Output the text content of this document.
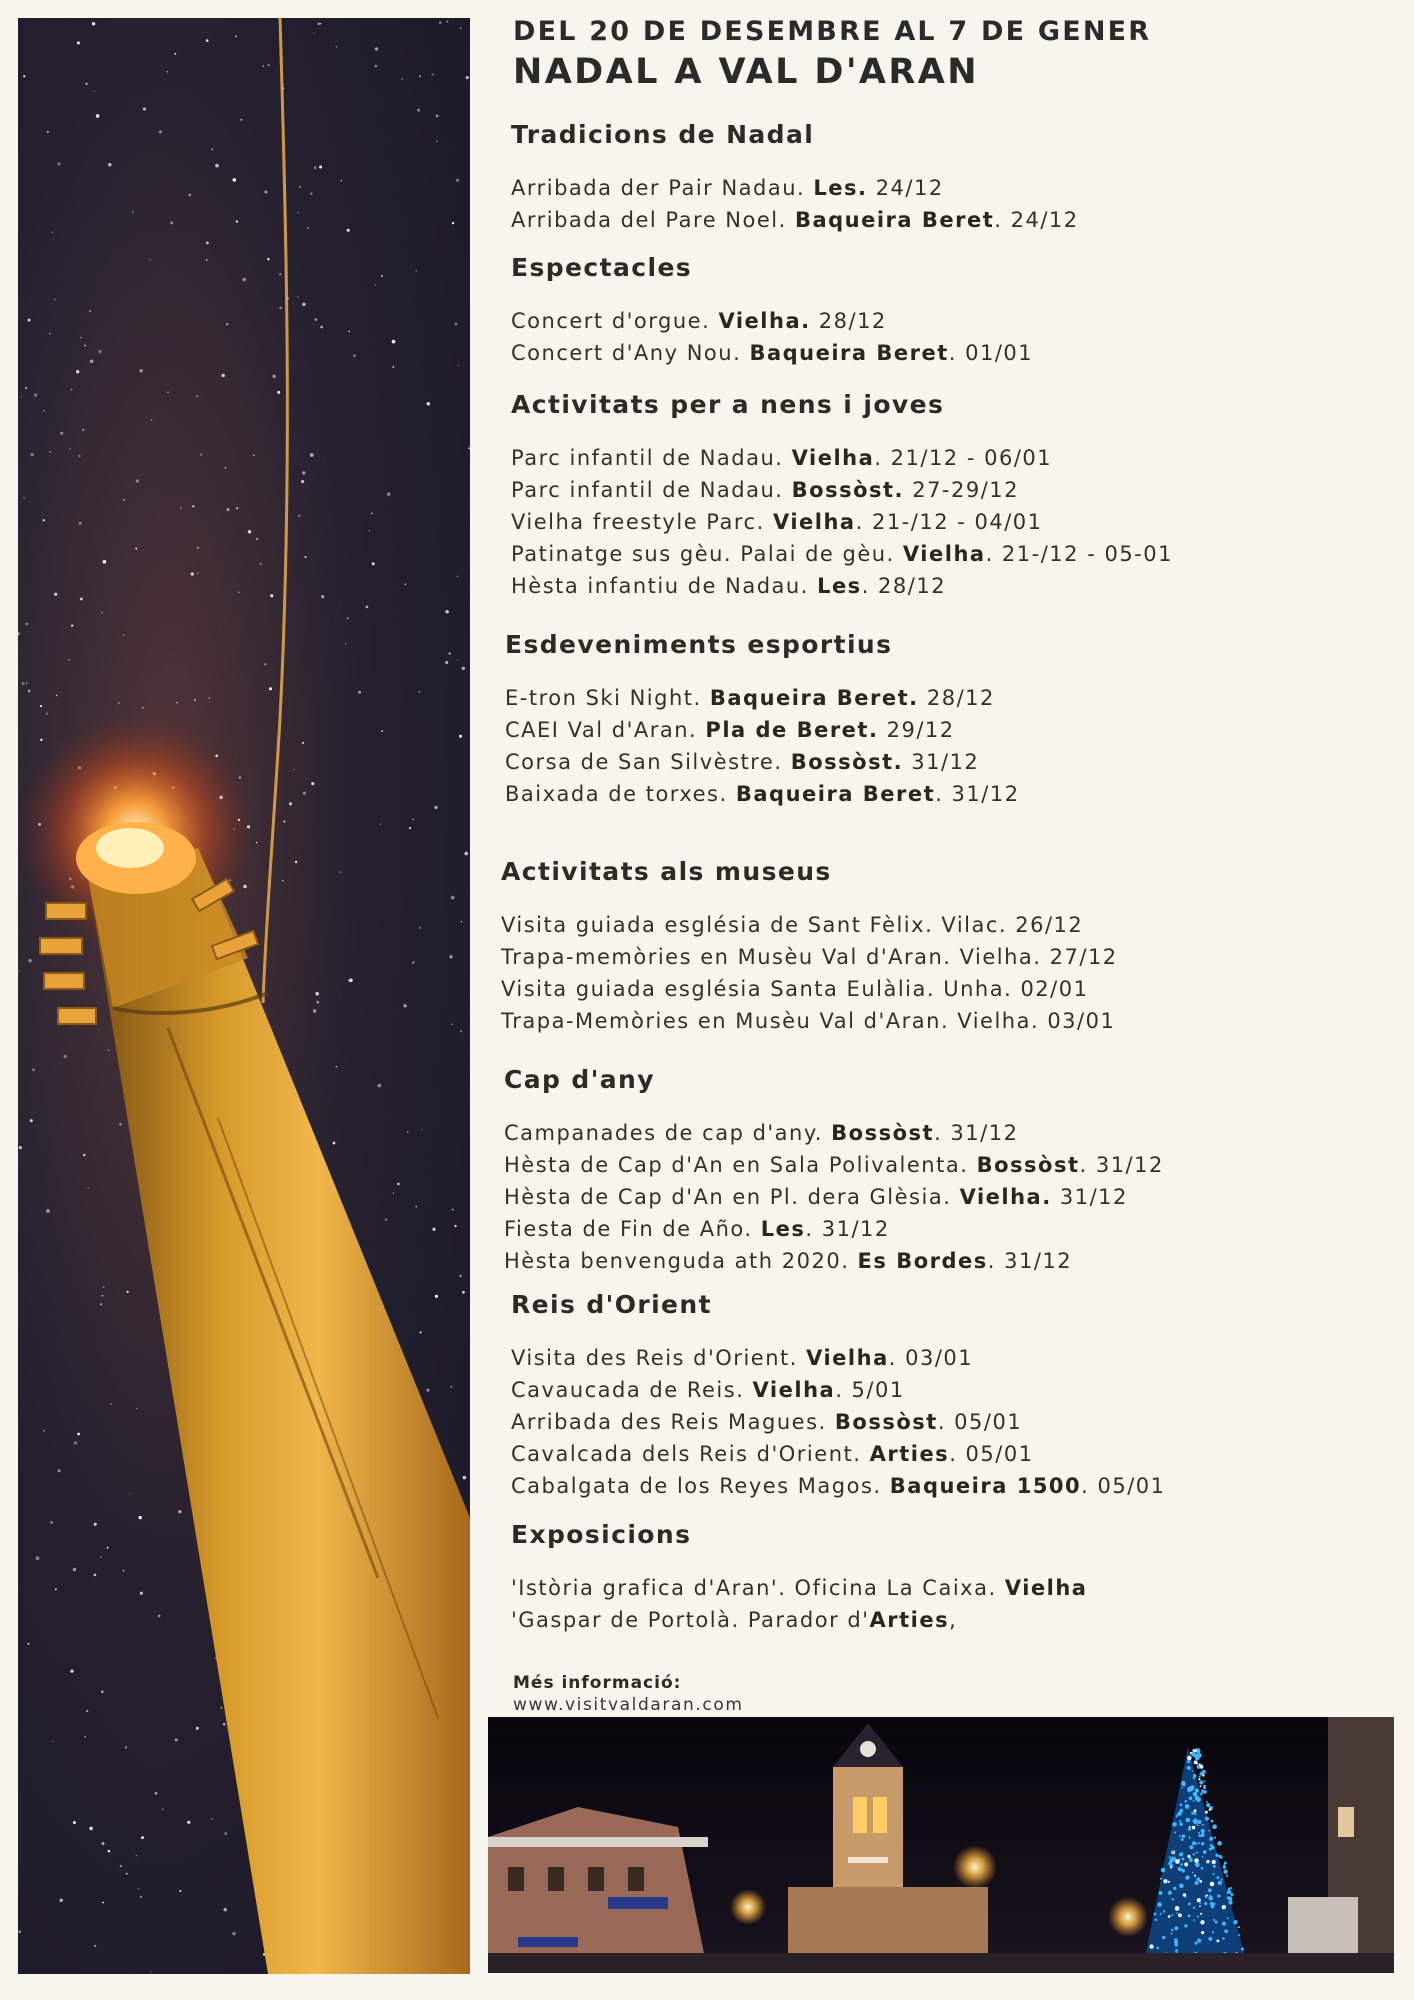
DEL 20 DE DESEMBRE AL 7 DE GENER
NADAL A VAL D'ARAN
Tradicions de Nadal
Arribada der Pair Nadau. Les. 24/12
Arribada del Pare Noel. Baqueira Beret. 24/12
Espectacles
Concert d'orgue. Vielha. 28/12
Concert d'Any Nou. Baqueira Beret. 01/01
Activitats per a nens i joves
Parc infantil de Nadau. Vielha. 21/12 - 06/01
Parc infantil de Nadau. Bossòst. 27-29/12
Vielha freestyle Parc. Vielha. 21-/12 - 04/01
Patinatge sus gèu. Palai de gèu. Vielha. 21-/12 - 05-01
Hèsta infantiu de Nadau. Les. 28/12
Esdeveniments esportius
E-tron Ski Night. Baqueira Beret. 28/12
CAEI Val d'Aran. Pla de Beret. 29/12
Corsa de San Silvèstre. Bossòst. 31/12
Baixada de torxes. Baqueira Beret. 31/12
Activitats als museus
Visita guiada església de Sant Fèlix. Vilac. 26/12
Trapa-memòries en Musèu Val d'Aran. Vielha. 27/12
Visita guiada església Santa Eulàlia. Unha. 02/01
Trapa-Memòries en Musèu Val d'Aran. Vielha. 03/01
Cap d'any
Campanades de cap d'any. Bossòst. 31/12
Hèsta de Cap d'An en Sala Polivalenta. Bossòst. 31/12
Hèsta de Cap d'An en Pl. dera Glèsia. Vielha. 31/12
Fiesta de Fin de Año. Les. 31/12
Hèsta benvenguda ath 2020. Es Bordes. 31/12
Reis d'Orient
Visita des Reis d'Orient. Vielha. 03/01
Cavaucada de Reis. Vielha. 5/01
Arribada des Reis Magues. Bossòst. 05/01
Cavalcada dels Reis d'Orient. Arties. 05/01
Cabalgata de los Reyes Magos. Baqueira 1500. 05/01
Exposicions
'Istòria grafica d'Aran'. Oficina La Caixa. Vielha
'Gaspar de Portolà. Parador d'Arties,
Més informació:
www.visitvaldaran.com
